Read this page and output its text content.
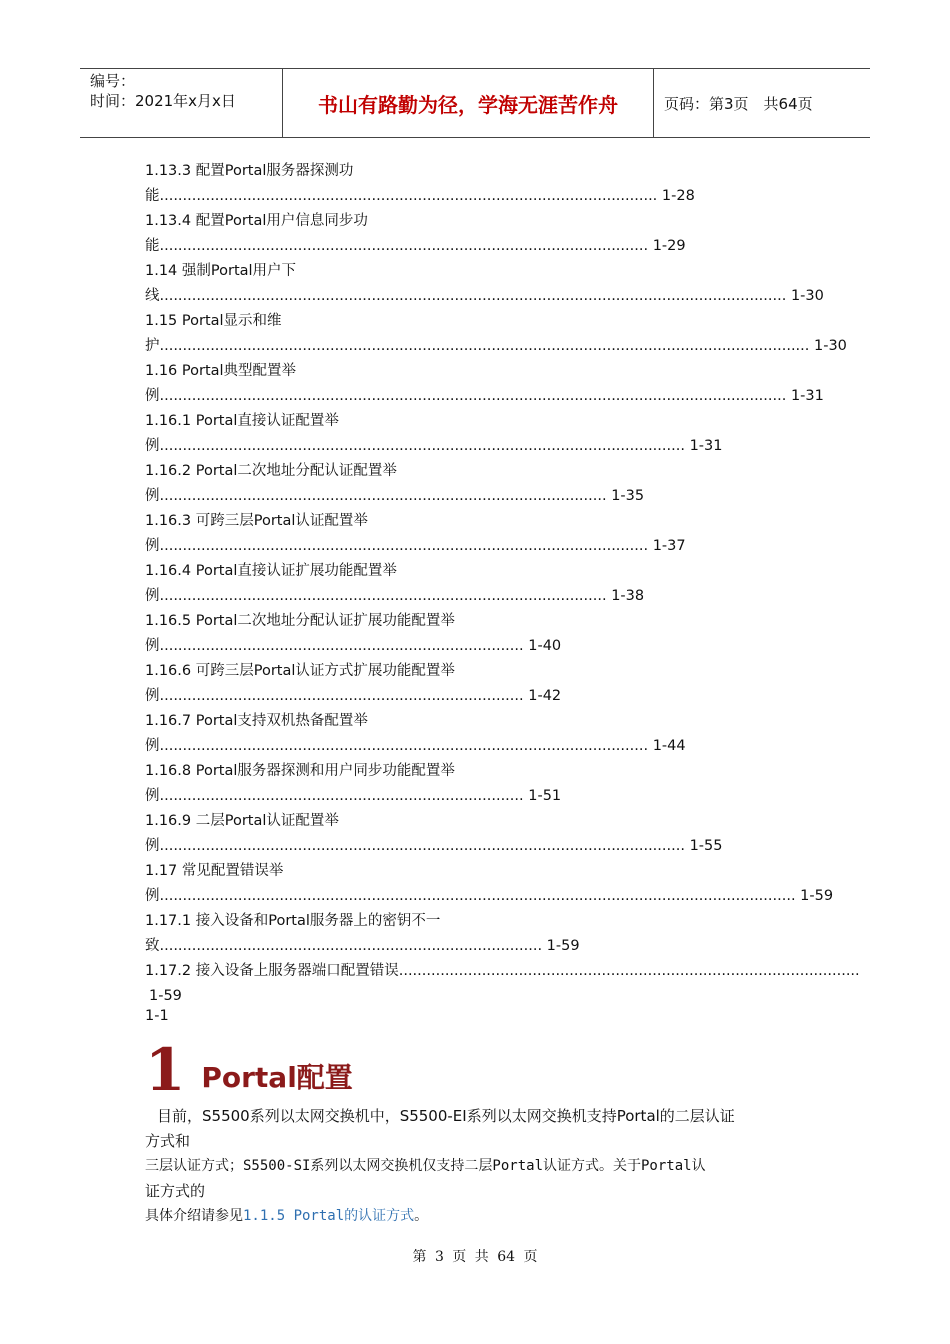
编号：
时间：2021年x月x日	书山有路勤为径，学海无涯苦作舟	页码：第3页　共64页
1.13.3 配置Portal服务器探测功
能............................................................................................................ 1-28
1.13.4 配置Portal用户信息同步功
能.......................................................................................................... 1-29
1.14 强制Portal用户下
线........................................................................................................................................ 1-30
1.15 Portal显示和维
护............................................................................................................................................. 1-30
1.16 Portal典型配置举
例........................................................................................................................................ 1-31
1.16.1 Portal直接认证配置举
例.................................................................................................................. 1-31
1.16.2 Portal二次地址分配认证配置举
例................................................................................................. 1-35
1.16.3 可跨三层Portal认证配置举
例.......................................................................................................... 1-37
1.16.4 Portal直接认证扩展功能配置举
例................................................................................................. 1-38
1.16.5 Portal二次地址分配认证扩展功能配置举
例............................................................................... 1-40
1.16.6 可跨三层Portal认证方式扩展功能配置举
例............................................................................... 1-42
1.16.7 Portal支持双机热备配置举
例.......................................................................................................... 1-44
1.16.8 Portal服务器探测和用户同步功能配置举
例............................................................................... 1-51
1.16.9 二层Portal认证配置举
例.................................................................................................................. 1-55
1.17 常见配置错误举
例.......................................................................................................................................... 1-59
1.17.1 接入设备和Portal服务器上的密钥不一
致................................................................................... 1-59
1.17.2 接入设备上服务器端口配置错误....................................................................................................
1-59
1-1
1 Portal配置
目前，S5500系列以太网交换机中，S5500-EI系列以太网交换机支持Portal的二层认证
方式和
三层认证方式；S5500-SI系列以太网交换机仅支持二层Portal认证方式。关于Portal认
证方式的
具体介绍请参见1.1.5 Portal的认证方式。
第 3 页 共 64 页
